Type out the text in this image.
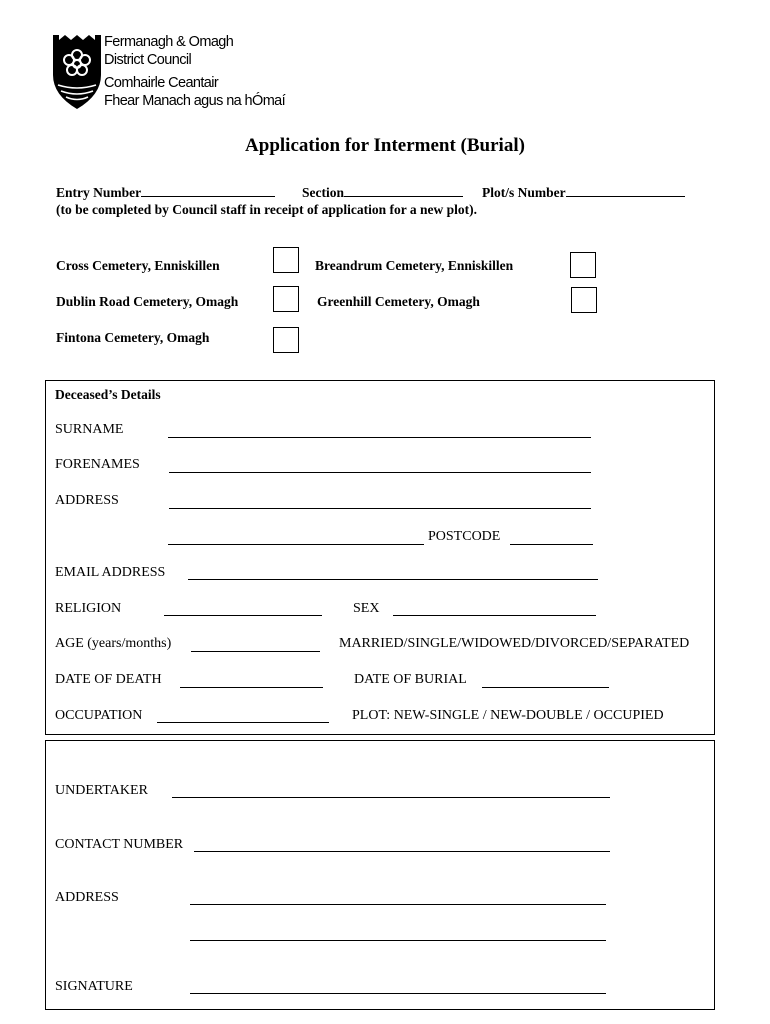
Fermanagh & Omagh
District Council
Comhairle Ceantair
Fhear Manach agus na hÓmaí
Application for Interment (Burial)
Entry Number	Section	Plot/s Number
(to be completed by Council staff in receipt of application for a new plot).
Cross Cemetery, Enniskillen	Breandrum Cemetery, Enniskillen
Dublin Road Cemetery, Omagh	Greenhill Cemetery, Omagh
Fintona Cemetery, Omagh
Deceased’s Details
SURNAME
FORENAMES
ADDRESS
POSTCODE
EMAIL ADDRESS
RELIGION	SEX
AGE (years/months)	MARRIED/SINGLE/WIDOWED/DIVORCED/SEPARATED
DATE OF DEATH	DATE OF BURIAL
OCCUPATION	PLOT: NEW-SINGLE / NEW-DOUBLE / OCCUPIED
UNDERTAKER
CONTACT NUMBER
ADDRESS
SIGNATURE
